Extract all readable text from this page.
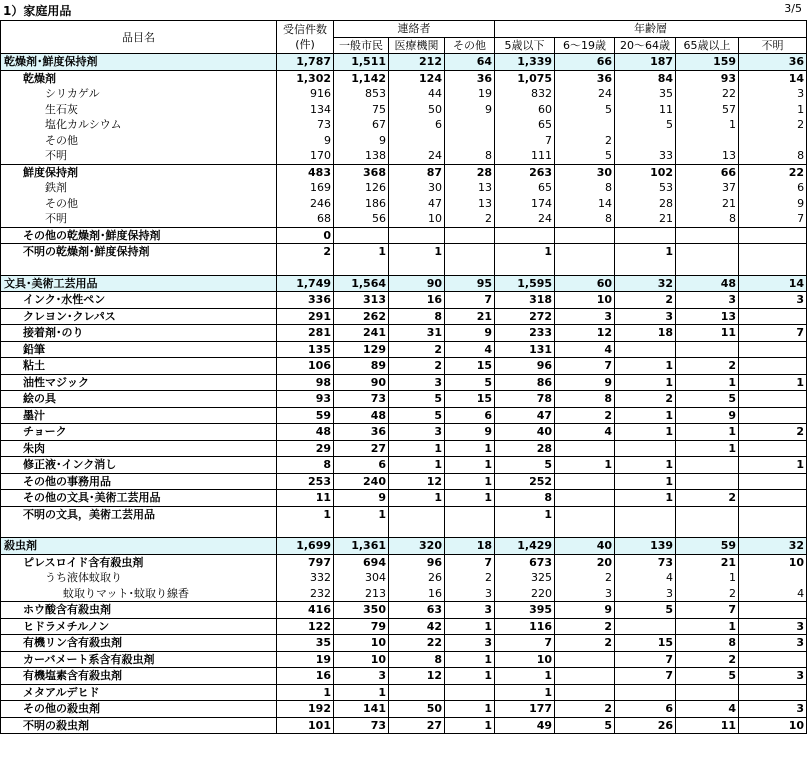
1）家庭用品	3/5
品目名	受信件数
(件)	連絡者			年齢層				
		一般市民	医療機関	その他	5歳以下	6～19歳	20～64歳	65歳以上	不明
乾燥剤･鮮度保持剤	1,787	1,511	212	64	1,339	66	187	159	36
乾燥剤	1,302	1,142	124	36	1,075	36	84	93	14
シリカゲル	916	853	44	19	832	24	35	22	3
生石灰	134	75	50	9	60	5	11	57	1
塩化カルシウム	73	67	6		65		5	1	2
その他	9	9			7	2			
不明	170	138	24	8	111	5	33	13	8
鮮度保持剤	483	368	87	28	263	30	102	66	22
鉄剤	169	126	30	13	65	8	53	37	6
その他	246	186	47	13	174	14	28	21	9
不明	68	56	10	2	24	8	21	8	7
その他の乾燥剤･鮮度保持剤	0								
不明の乾燥剤･鮮度保持剤	2	1	1		1		1		

文具･美術工芸用品	1,749	1,564	90	95	1,595	60	32	48	14
インク･水性ペン	336	313	16	7	318	10	2	3	3
クレヨン･クレパス	291	262	8	21	272	3	3	13	
接着剤･のり	281	241	31	9	233	12	18	11	7
鉛筆	135	129	2	4	131	4			
粘土	106	89	2	15	96	7	1	2	
油性マジック	98	90	3	5	86	9	1	1	1
絵の具	93	73	5	15	78	8	2	5	
墨汁	59	48	5	6	47	2	1	9	
チョーク	48	36	3	9	40	4	1	1	2
朱肉	29	27	1	1	28			1	
修正液･インク消し	8	6	1	1	5	1	1		1
その他の事務用品	253	240	12	1	252		1		
その他の文具･美術工芸用品	11	9	1	1	8		1	2	
不明の文具，美術工芸用品	1	1			1				

殺虫剤	1,699	1,361	320	18	1,429	40	139	59	32
ピレスロイド含有殺虫剤	797	694	96	7	673	20	73	21	10
うち液体蚊取り	332	304	26	2	325	2	4	1	
蚊取りマット･蚊取り線香	232	213	16	3	220	3	3	2	4
ホウ酸含有殺虫剤	416	350	63	3	395	9	5	7	
ヒドラメチルノン	122	79	42	1	116	2		1	3
有機リン含有殺虫剤	35	10	22	3	7	2	15	8	3
カーバメート系含有殺虫剤	19	10	8	1	10		7	2	
有機塩素含有殺虫剤	16	3	12	1	1		7	5	3
メタアルデヒド	1	1			1				
その他の殺虫剤	192	141	50	1	177	2	6	4	3
不明の殺虫剤	101	73	27	1	49	5	26	11	10
